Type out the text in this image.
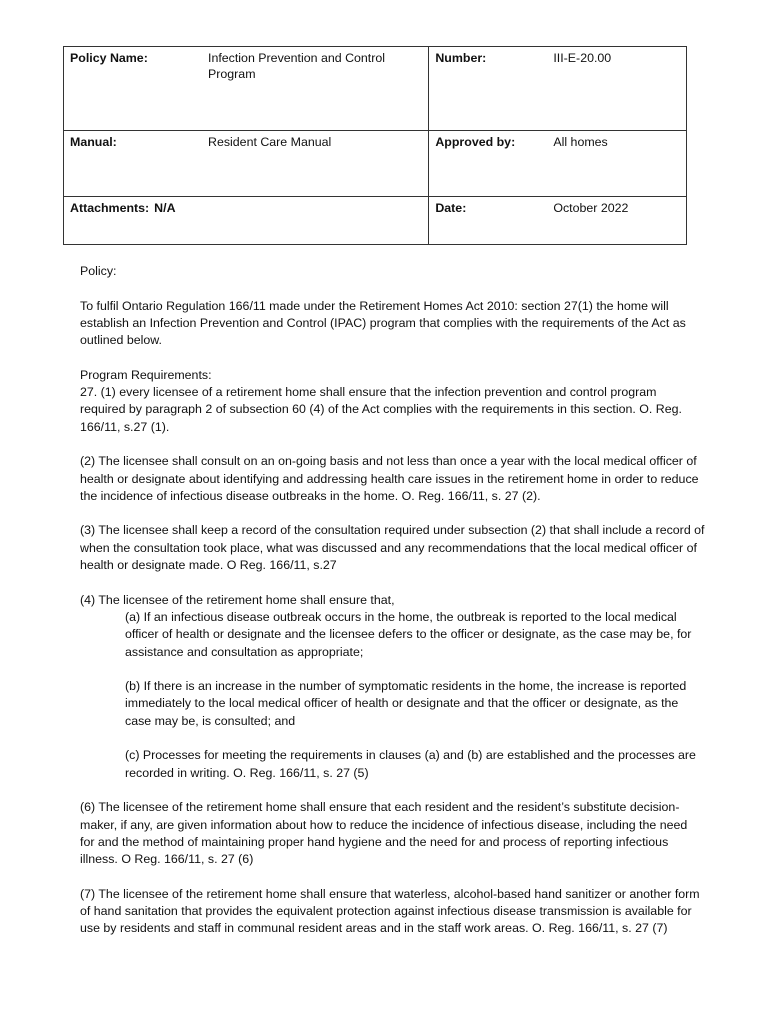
Policy Name: Infection Prevention and Control Program	Number: III-E-20.00

Manual: Resident Care Manual	Approved by: All homes

Attachments: N/A	Date: October 2022

Policy:

To fulfil Ontario Regulation 166/11 made under the Retirement Homes Act 2010: section 27(1) the home will establish an Infection Prevention and Control (IPAC) program that complies with the requirements of the Act as outlined below.

Program Requirements:

27. (1) every licensee of a retirement home shall ensure that the infection prevention and control program required by paragraph 2 of subsection 60 (4) of the Act complies with the requirements in this section. O. Reg. 166/11, s.27 (1).

(2) The licensee shall consult on an on-going basis and not less than once a year with the local medical officer of health or designate about identifying and addressing health care issues in the retirement home in order to reduce the incidence of infectious disease outbreaks in the home. O. Reg. 166/11, s. 27 (2).

(3) The licensee shall keep a record of the consultation required under subsection (2) that shall include a record of when the consultation took place, what was discussed and any recommendations that the local medical officer of health or designate made. O Reg. 166/11, s.27

(4) The licensee of the retirement home shall ensure that,

(a) If an infectious disease outbreak occurs in the home, the outbreak is reported to the local medical officer of health or designate and the licensee defers to the officer or designate, as the case may be, for assistance and consultation as appropriate;

(b) If there is an increase in the number of symptomatic residents in the home, the increase is reported immediately to the local medical officer of health or designate and that the officer or designate, as the case may be, is consulted; and

(c) Processes for meeting the requirements in clauses (a) and (b) are established and the processes are recorded in writing. O. Reg. 166/11, s. 27 (5)

(6) The licensee of the retirement home shall ensure that each resident and the resident’s substitute decision-maker, if any, are given information about how to reduce the incidence of infectious disease, including the need for and the method of maintaining proper hand hygiene and the need for and process of reporting infectious illness. O Reg. 166/11, s. 27 (6)

(7) The licensee of the retirement home shall ensure that waterless, alcohol-based hand sanitizer or another form of hand sanitation that provides the equivalent protection against infectious disease transmission is available for use by residents and staff in communal resident areas and in the staff work areas. O. Reg. 166/11, s. 27 (7)
